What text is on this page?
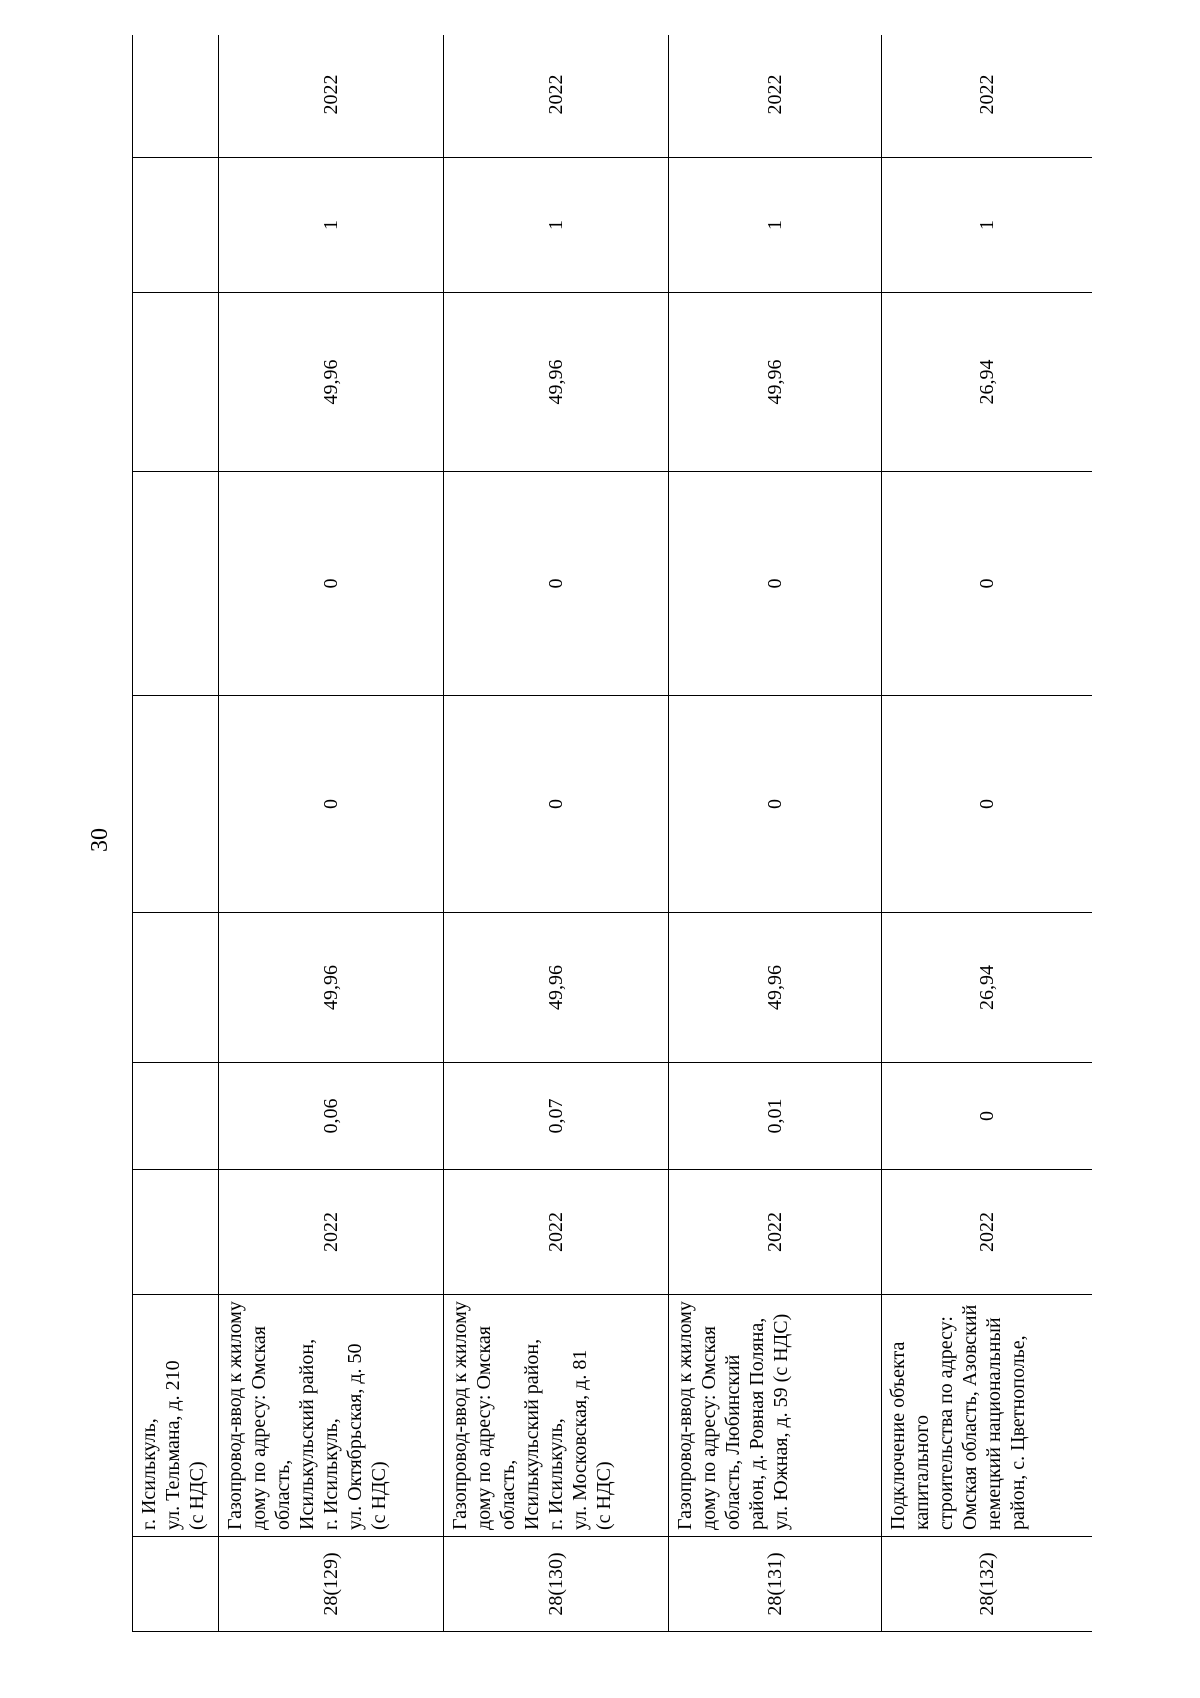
30
	г. Исилькуль,
ул. Тельмана, д. 210
(с НДС)									
28(129)	Газопровод-ввод к жилому дому по адресу: Омская область,
Исилькульский район,
г. Исилькуль,
ул. Октябрьская, д. 50
(с НДС)	2022	0,06	49,96	0	0	49,96	1	2022	
28(130)	Газопровод-ввод к жилому дому по адресу: Омская область,
Исилькульский район,
г. Исилькуль,
ул. Московская, д. 81
(с НДС)	2022	0,07	49,96	0	0	49,96	1	2022	
28(131)	Газопровод-ввод к жилому дому по адресу: Омская область, Любинский район, д. Ровная Поляна, ул. Южная, д. 59 (с НДС)	2022	0,01	49,96	0	0	49,96	1	2022	
28(132)	Подключение объекта капитального строительства по адресу: Омская область, Азовский немецкий национальный район, с. Цветнополье,	2022	0	26,94	0	0	26,94	1	2022	
